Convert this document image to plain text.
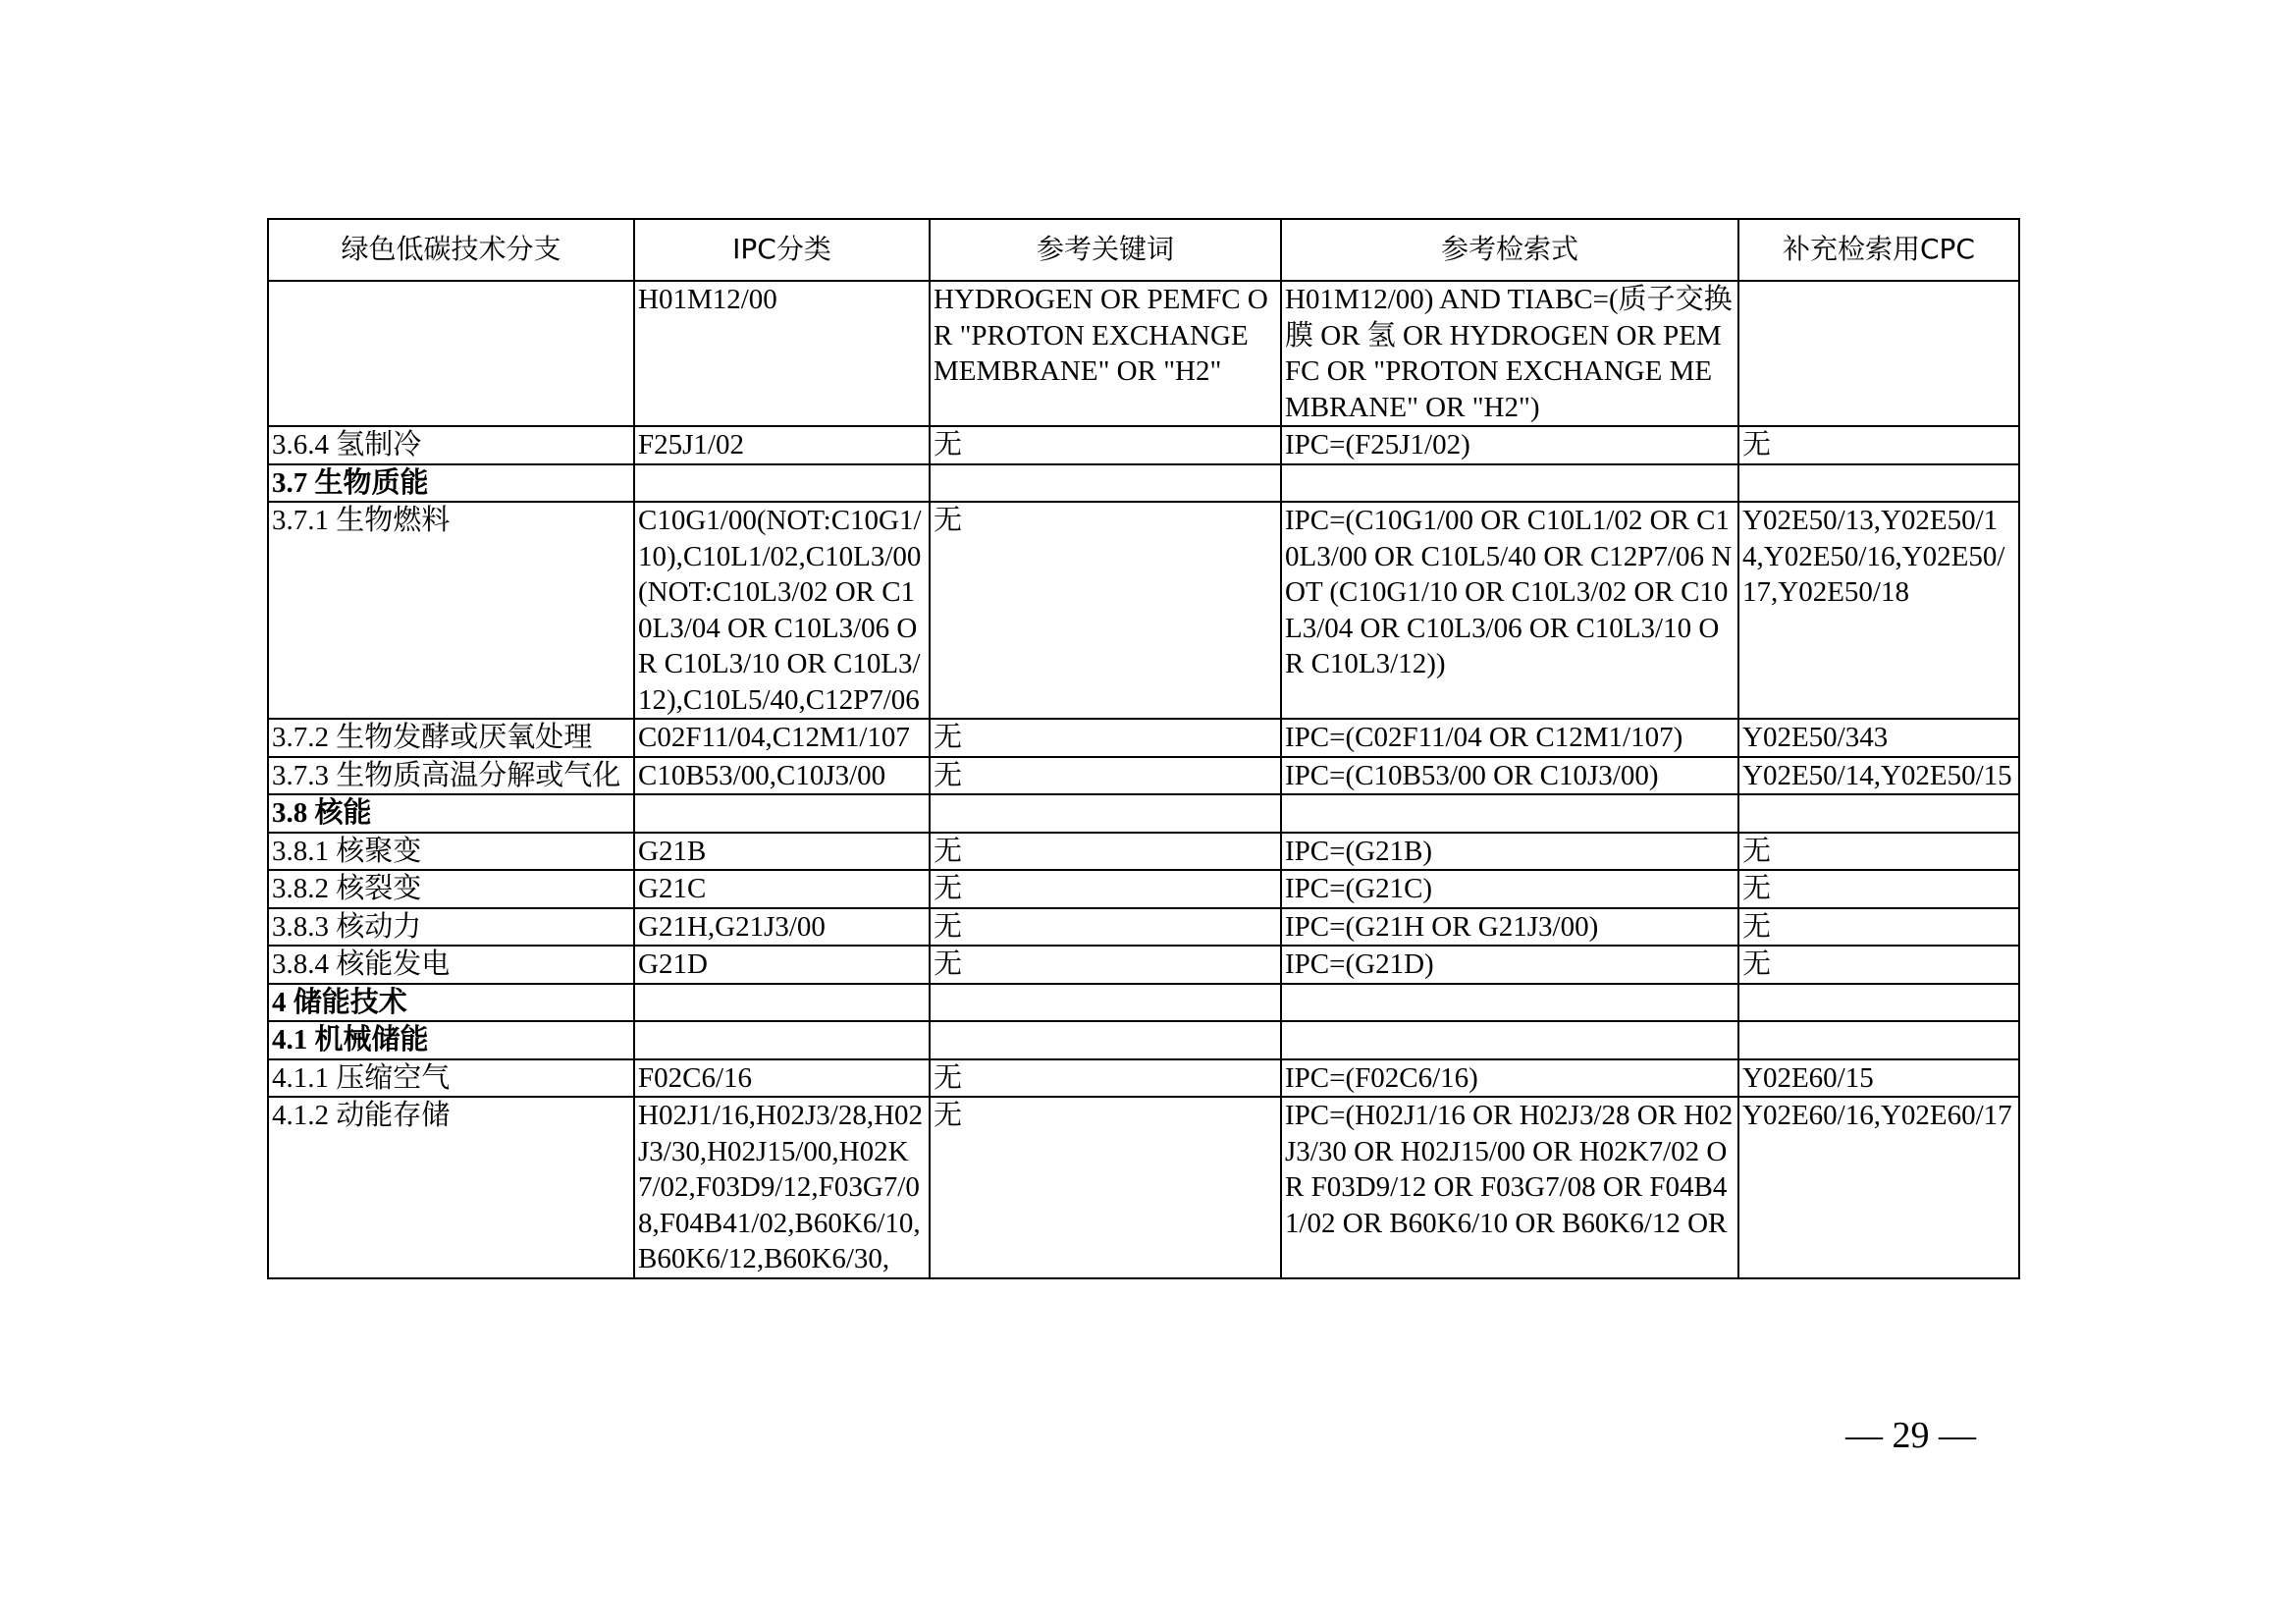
绿色低碳技术分支	IPC分类	参考关键词	参考检索式	补充检索用CPC
	H01M12/00	HYDROGEN OR PEMFC OR "PROTON EXCHANGE MEMBRANE" OR "H2"	H01M12/00) AND TIABC=(质子交换膜 OR 氢 OR HYDROGEN OR PEMFC OR "PROTON EXCHANGE MEMBRANE" OR "H2")	
3.6.4 氢制冷	F25J1/02	无	IPC=(F25J1/02)	无
3.7 生物质能				
3.7.1 生物燃料	C10G1/00(NOT:C10G1/10),C10L1/02,C10L3/00(NOT:C10L3/02 OR C10L3/04 OR C10L3/06 OR C10L3/10 OR C10L3/12),C10L5/40,C12P7/06	无	IPC=(C10G1/00 OR C10L1/02 OR C10L3/00 OR C10L5/40 OR C12P7/06 NOT (C10G1/10 OR C10L3/02 OR C10L3/04 OR C10L3/06 OR C10L3/10 OR C10L3/12))	Y02E50/13,Y02E50/14,Y02E50/16,Y02E50/17,Y02E50/18
3.7.2 生物发酵或厌氧处理	C02F11/04,C12M1/107	无	IPC=(C02F11/04 OR C12M1/107)	Y02E50/343
3.7.3 生物质高温分解或气化	C10B53/00,C10J3/00	无	IPC=(C10B53/00 OR C10J3/00)	Y02E50/14,Y02E50/15
3.8 核能				
3.8.1 核聚变	G21B	无	IPC=(G21B)	无
3.8.2 核裂变	G21C	无	IPC=(G21C)	无
3.8.3 核动力	G21H,G21J3/00	无	IPC=(G21H OR G21J3/00)	无
3.8.4 核能发电	G21D	无	IPC=(G21D)	无
4 储能技术				
4.1 机械储能				
4.1.1 压缩空气	F02C6/16	无	IPC=(F02C6/16)	Y02E60/15
4.1.2 动能存储	H02J1/16,H02J3/28,H02J3/30,H02J15/00,H02K7/02,F03D9/12,F03G7/08,F04B41/02,B60K6/10,B60K6/12,B60K6/30,	无	IPC=(H02J1/16 OR H02J3/28 OR H02J3/30 OR H02J15/00 OR H02K7/02 OR F03D9/12 OR F03G7/08 OR F04B41/02 OR B60K6/10 OR B60K6/12 OR	Y02E60/16,Y02E60/17
— 29 —
